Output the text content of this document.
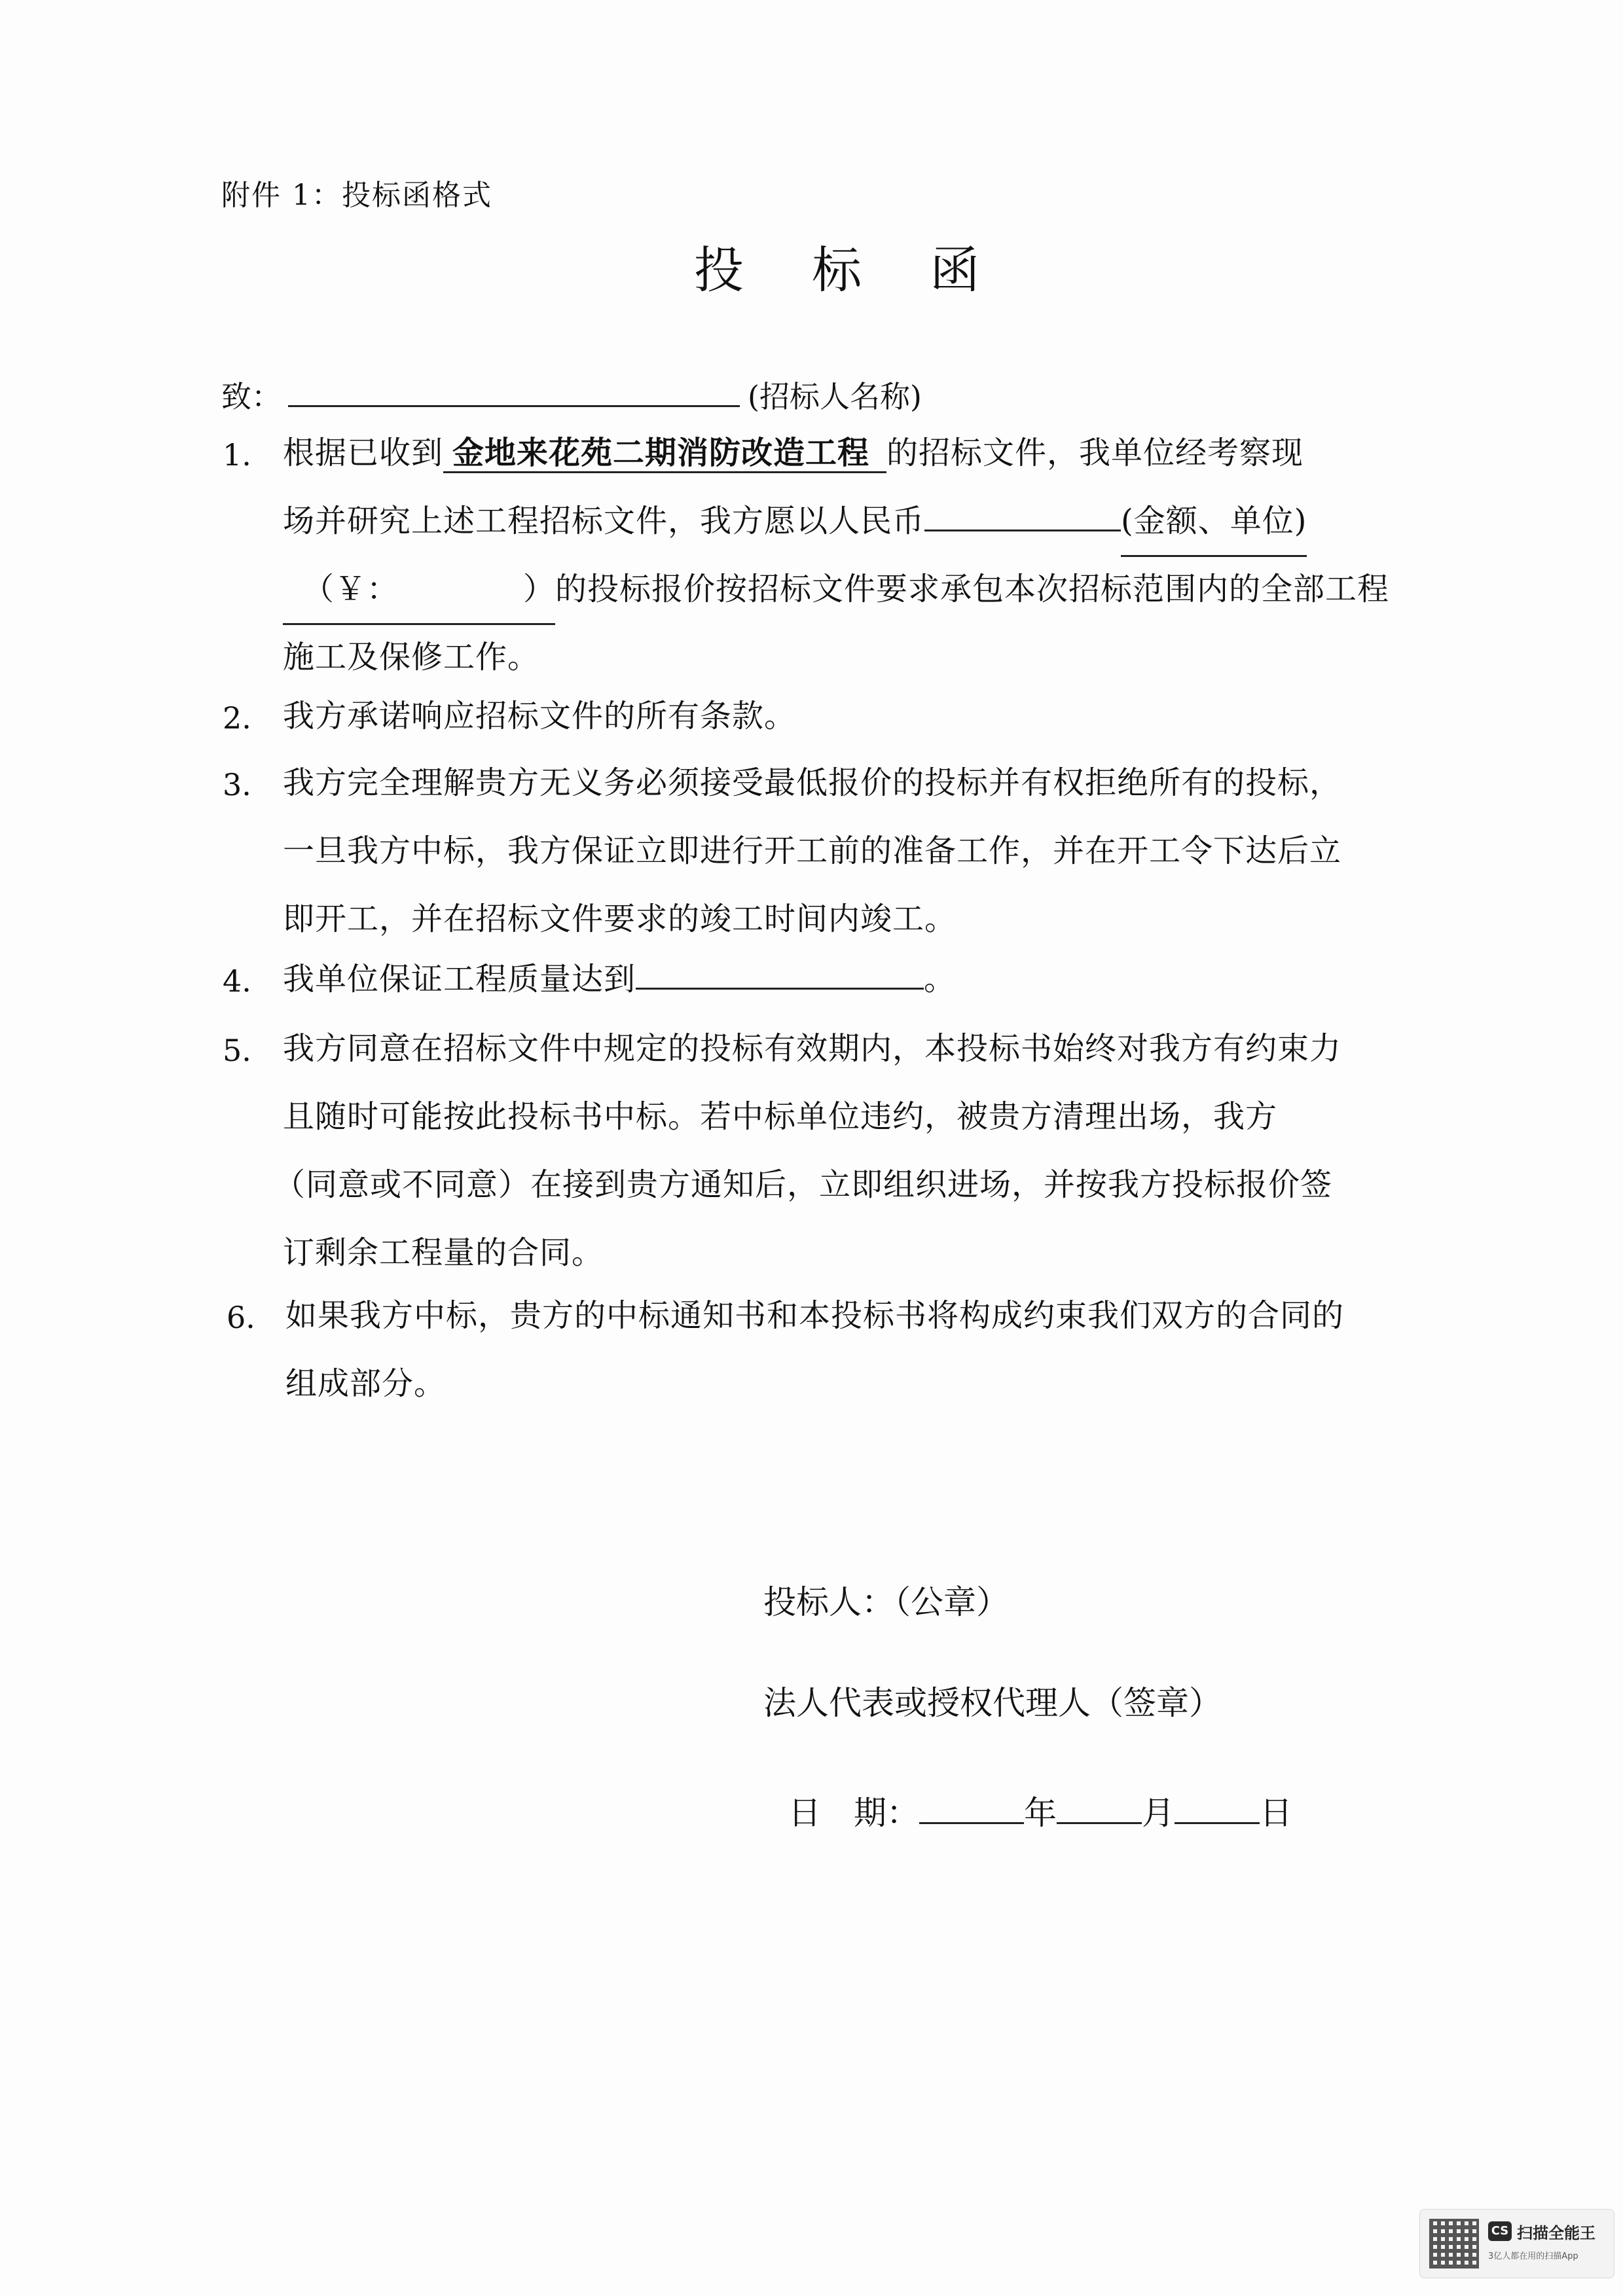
附件 1：投标函格式
投 标 函
致：	(招标人名称)
1. 根据已收到 金地来花苑二期消防改造工程 的招标文件，我单位经考察现
场并研究上述工程招标文件，我方愿以人民币	(金额、单位)
（￥：	）的投标报价按招标文件要求承包本次招标范围内的全部工程
施工及保修工作。
2. 我方承诺响应招标文件的所有条款。
3. 我方完全理解贵方无义务必须接受最低报价的投标并有权拒绝所有的投标，
一旦我方中标，我方保证立即进行开工前的准备工作，并在开工令下达后立
即开工，并在招标文件要求的竣工时间内竣工。
4. 我单位保证工程质量达到	。
5. 我方同意在招标文件中规定的投标有效期内，本投标书始终对我方有约束力
且随时可能按此投标书中标。若中标单位违约，被贵方清理出场，我方
（同意或不同意）在接到贵方通知后，立即组织进场，并按我方投标报价签
订剩余工程量的合同。
6. 如果我方中标，贵方的中标通知书和本投标书将构成约束我们双方的合同的
组成部分。
投标人：（公章）
法人代表或授权代理人（签章）
日　期：	年	月	日
CS 扫描全能王
3亿人都在用的扫描App
